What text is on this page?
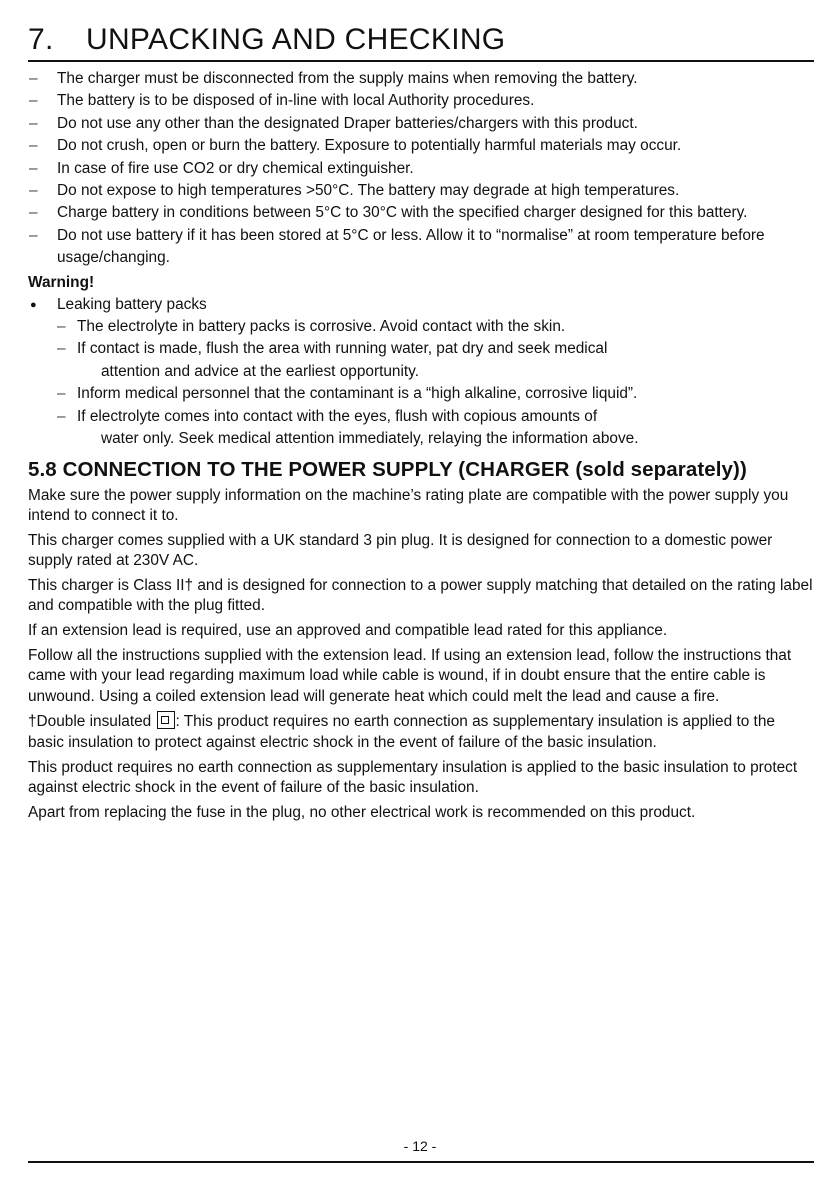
7. UNPACKING AND CHECKING
– The charger must be disconnected from the supply mains when removing the battery.
– The battery is to be disposed of in-line with local Authority procedures.
– Do not use any other than the designated Draper batteries/chargers with this product.
– Do not crush, open or burn the battery. Exposure to potentially harmful materials may occur.
– In case of fire use CO2 or dry chemical extinguisher.
– Do not expose to high temperatures >50°C. The battery may degrade at high temperatures.
– Charge battery in conditions between 5°C to 30°C with the specified charger designed for this battery.
– Do not use battery if it has been stored at 5°C or less. Allow it to “normalise” at room temperature before usage/changing.
Warning!
● Leaking battery packs
– The electrolyte in battery packs is corrosive. Avoid contact with the skin.
– If contact is made, flush the area with running water, pat dry and seek medical
attention and advice at the earliest opportunity.
– Inform medical personnel that the contaminant is a “high alkaline, corrosive liquid”.
– If electrolyte comes into contact with the eyes, flush with copious amounts of
water only. Seek medical attention immediately, relaying the information above.
5.8 CONNECTION TO THE POWER SUPPLY (CHARGER (sold separately))

Make sure the power supply information on the machine’s rating plate are compatible with the power supply you intend to connect it to.

This charger comes supplied with a UK standard 3 pin plug. It is designed for connection to a domestic power supply rated at 230V AC.

This charger is Class II† and is designed for connection to a power supply matching that detailed on the rating label and compatible with the plug fitted.

If an extension lead is required, use an approved and compatible lead rated for this appliance.

Follow all the instructions supplied with the extension lead. If using an extension lead, follow the instructions that came with your lead regarding maximum load while cable is wound, if in doubt ensure that the entire cable is unwound. Using a coiled extension lead will generate heat which could melt the lead and cause a fire.

†Double insulated : This product requires no earth connection as supplementary insulation is applied to the basic insulation to protect against electric shock in the event of failure of the basic insulation.

This product requires no earth connection as supplementary insulation is applied to the basic insulation to protect against electric shock in the event of failure of the basic insulation.

Apart from replacing the fuse in the plug, no other electrical work is recommended on this product.

- 12 -
